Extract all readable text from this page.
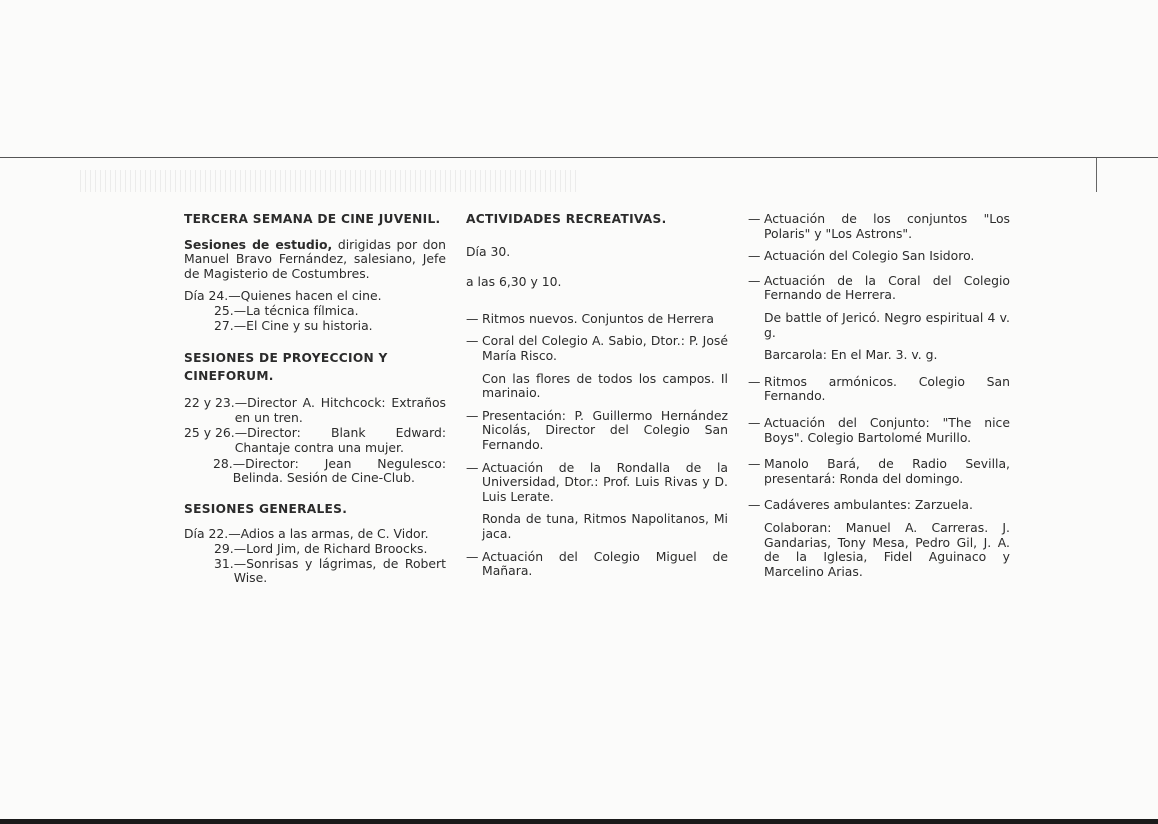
TERCERA SEMANA DE CINE JUVENIL.
Sesiones de estudio, dirigidas por don Manuel Bravo Fernández, salesiano, Jefe de Magisterio de Costumbres.
Día 24. —Quienes hacen el cine.
25. —La técnica fílmica.
27. —El Cine y su historia.
SESIONES DE PROYECCION Y CINEFORUM.
22 y 23. —Director A. Hitchcock: Extraños en un tren.
25 y 26. —Director: Blank Edward: Chantaje contra una mujer.
28. —Director: Jean Negulesco: Belinda. Sesión de Cine-Club.
SESIONES GENERALES.
Día 22. —Adios a las armas, de C. Vidor.
29. —Lord Jim, de Richard Broocks.
31. —Sonrisas y lágrimas, de Robert Wise.
ACTIVIDADES RECREATIVAS.
Día 30.
a las 6,30 y 10.
— Ritmos nuevos. Conjuntos de Herrera
— Coral del Colegio A. Sabio, Dtor.: P. José María Risco.
Con las flores de todos los campos. Il marinaio.
— Presentación: P. Guillermo Hernández Nicolás, Director del Colegio San Fernando.
— Actuación de la Rondalla de la Universidad, Dtor.: Prof. Luis Rivas y D. Luis Lerate.
Ronda de tuna, Ritmos Napolitanos, Mi jaca.
— Actuación del Colegio Miguel de Mañara.
— Actuación de los conjuntos "Los Polaris" y "Los Astrons".
— Actuación del Colegio San Isidoro.
— Actuación de la Coral del Colegio Fernando de Herrera.
De battle of Jericó. Negro espiritual 4 v. g.
Barcarola: En el Mar. 3. v. g.
— Ritmos armónicos. Colegio San Fernando.
— Actuación del Conjunto: "The nice Boys". Colegio Bartolomé Murillo.
— Manolo Bará, de Radio Sevilla, presentará: Ronda del domingo.
— Cadáveres ambulantes: Zarzuela.
Colaboran: Manuel A. Carreras. J. Gandarias, Tony Mesa, Pedro Gil, J. A. de la Iglesia, Fidel Aguinaco y Marcelino Arias.
